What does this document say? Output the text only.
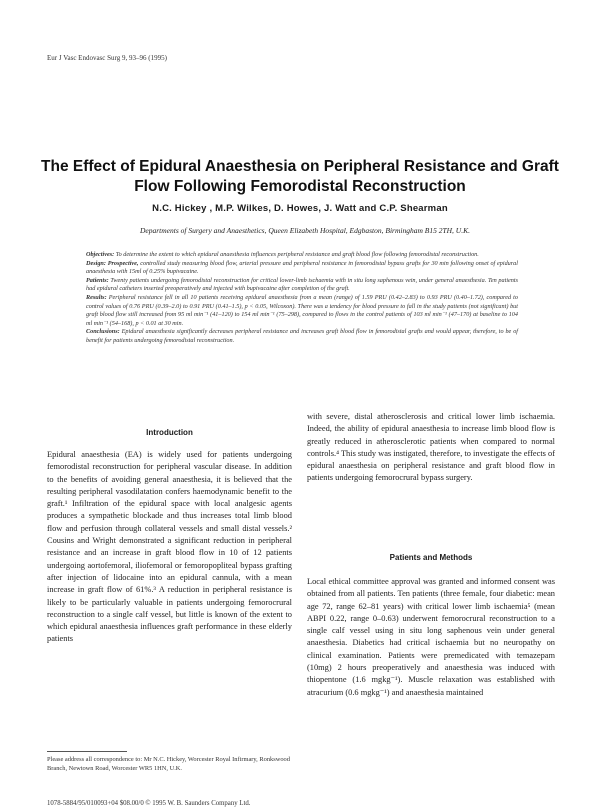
Eur J Vasc Endovasc Surg 9, 93–96 (1995)
The Effect of Epidural Anaesthesia on Peripheral Resistance and Graft Flow Following Femorodistal Reconstruction
N.C. Hickey , M.P. Wilkes, D. Howes, J. Watt and C.P. Shearman
Departments of Surgery and Anaesthetics, Queen Elizabeth Hospital, Edgbaston, Birmingham B15 2TH, U.K.

Objectives: To determine the extent to which epidural anaesthesia influences peripheral resistance and graft blood flow following femorodistal reconstruction.

Design: Prospective, controlled study measuring blood flow, arterial pressure and peripheral resistance in femorodistal bypass grafts for 30 min following onset of epidural anaesthesia with 15ml of 0.25% bupivacaine.

Patients: Twenty patients undergoing femorodistal reconstruction for critical lower-limb ischaemia with in situ long saphenous vein, under general anaesthesia. Ten patients had epidural catheters inserted preoperatively and injected with bupivacaine after completion of the graft.

Results: Peripheral resistance fell in all 10 patients receiving epidural anaesthesia from a mean (range) of 1.59 PRU (0.42–2.83) to 0.93 PRU (0.40–1.72), compared to control values of 0.76 PRU (0.39–2.0) to 0.91 PRU (0.41–1.5), p < 0.05, Wilcoxon). There was a tendency for blood pressure to fall in the study patients (not significant) but graft blood flow still increased from 95 ml min⁻¹ (41–120) to 154 ml min⁻¹ (75–298), compared to flows in the control patients of 103 ml min⁻¹ (47–170) at baseline to 104 ml min⁻¹ (54–168), p < 0.01 at 30 min.

Conclusions: Epidural anaesthesia significantly decreases peripheral resistance and increases graft blood flow in femorodistal grafts and would appear, therefore, to be of benefit for patients undergoing femorodistal reconstruction.

Introduction

Epidural anaesthesia (EA) is widely used for patients undergoing femorodistal reconstruction for peripheral vascular disease. In addition to the benefits of avoiding general anaesthesia, it is believed that the resulting peripheral vasodilatation confers haemodynamic benefit to the graft.¹ Infiltration of the epidural space with local analgesic agents produces a sympathetic blockade and thus increases total limb blood flow and perfusion through collateral vessels and small distal vessels.² Cousins and Wright demonstrated a significant reduction in peripheral resistance and an increase in graft blood flow in 10 of 12 patients undergoing aortofemoral, iliofemoral or femoropopliteal bypass grafting after injection of lidocaine into an epidural cannula, with a mean increase in graft flow of 61%.³ A reduction in peripheral resistance is likely to be particularly valuable in patients undergoing femorocrural reconstruction to a single calf vessel, but little is known of the extent to which epidural anaesthesia influences graft performance in these elderly patients

with severe, distal atherosclerosis and critical lower limb ischaemia. Indeed, the ability of epidural anaesthesia to increase limb blood flow is greatly reduced in atherosclerotic patients when compared to normal controls.⁴ This study was instigated, therefore, to investigate the effects of epidural anaesthesia on peripheral resistance and graft blood flow in patients undergoing femorocrural bypass surgery.

Patients and Methods

Local ethical committee approval was granted and informed consent was obtained from all patients. Ten patients (three female, four diabetic: mean age 72, range 62–81 years) with critical lower limb ischaemia⁵ (mean ABPI 0.22, range 0–0.63) underwent femorocrural reconstruction to a single calf vessel using in situ long saphenous vein under general anaesthesia. Diabetics had critical ischaemia but no neuropathy on clinical examination. Patients were premedicated with temazepam (10mg) 2 hours preoperatively and anaesthesia was induced with thiopentone (1.6 mgkg⁻¹). Muscle relaxation was established with atracurium (0.6 mgkg⁻¹) and anaesthesia maintained

Please address all correspondence to: Mr N.C. Hickey, Worcester Royal Infirmary, Ronkswood Branch, Newtown Road, Worcester WR5 1HN, U.K.
1078-5884/95/010093+04 $08.00/0 © 1995 W. B. Saunders Company Ltd.
